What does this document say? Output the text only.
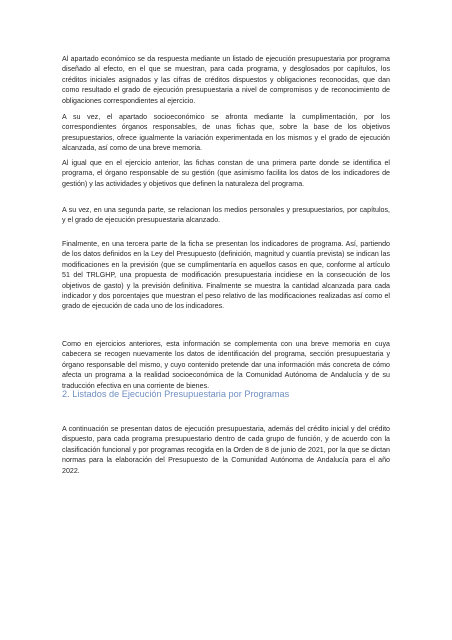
Al apartado económico se da respuesta mediante un listado de ejecución presupuestaria por programa diseñado al efecto, en el que se muestran, para cada programa, y desglosados por capítulos, los créditos iniciales asignados y las cifras de créditos dispuestos y obligaciones reconocidas, que dan como resultado el grado de ejecución presupuestaria a nivel de compromisos y de reconocimiento de obligaciones correspondientes al ejercicio.

A su vez, el apartado socioeconómico se afronta mediante la cumplimentación, por los correspondientes órganos responsables, de unas fichas que, sobre la base de los objetivos presupuestarios, ofrece igualmente la variación experimentada en los mismos y el grado de ejecución alcanzada, así como de una breve memoria.

Al igual que en el ejercicio anterior, las fichas constan de una primera parte donde se identifica el programa, el órgano responsable de su gestión (que asimismo facilita los datos de los indicadores de gestión) y las actividades y objetivos que definen la naturaleza del programa.

A su vez, en una segunda parte, se relacionan los medios personales y presupuestarios, por capítulos, y el grado de ejecución presupuestaria alcanzado.

Finalmente, en una tercera parte de la ficha se presentan los indicadores de programa. Así, partiendo de los datos definidos en la Ley del Presupuesto (definición, magnitud y cuantía prevista) se indican las modificaciones en la previsión (que se cumplimentaría en aquellos casos en que, conforme al artículo 51 del TRLGHP, una propuesta de modificación presupuestaria incidiese en la consecución de los objetivos de gasto) y la previsión definitiva. Finalmente se muestra la cantidad alcanzada para cada indicador y dos porcentajes que muestran el peso relativo de las modificaciones realizadas así como el grado de ejecución de cada uno de los indicadores.

Como en ejercicios anteriores, esta información se complementa con una breve memoria en cuya cabecera se recogen nuevamente los datos de identificación del programa, sección presupuestaria y órgano responsable del mismo, y cuyo contenido pretende dar una información más concreta de cómo afecta un programa a la realidad socioeconómica de la Comunidad Autónoma de Andalucía y de su traducción efectiva en una corriente de bienes.

2. Listados de Ejecución Presupuestaria por Programas

A continuación se presentan datos de ejecución presupuestaria, además del crédito inicial y del crédito dispuesto, para cada programa presupuestario dentro de cada grupo de función, y de acuerdo con la clasificación funcional y por programas recogida en la Orden de 8 de junio de 2021, por la que se dictan normas para la elaboración del Presupuesto de la Comunidad Autónoma de Andalucía para el año 2022.
